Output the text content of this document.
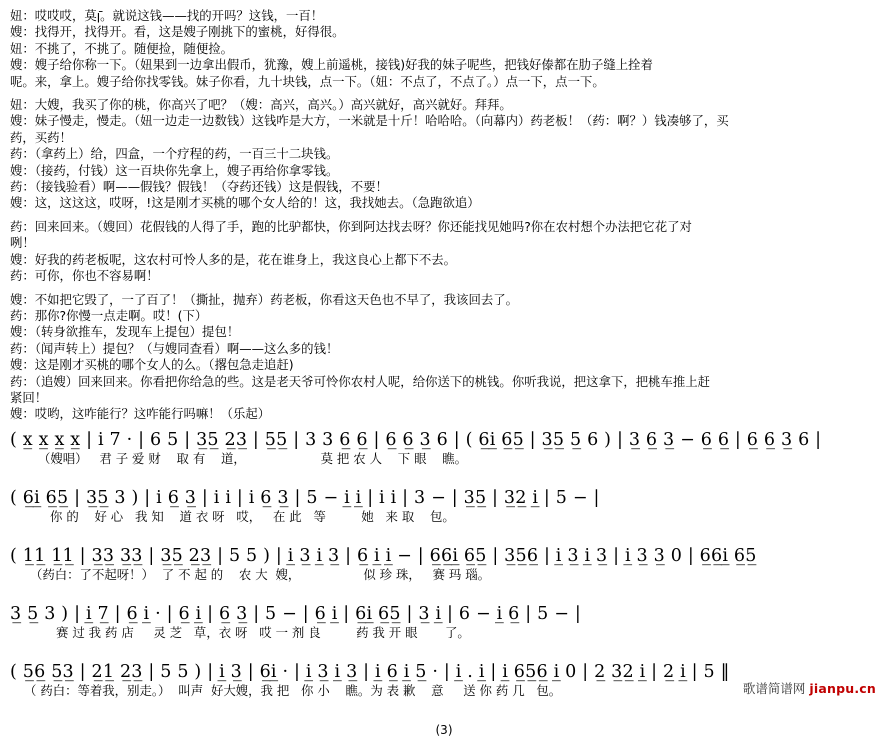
妞：哎哎哎，莫ןֿ。就说这钱——找的开吗？这钱，一百！
嫂：找得开，找得开。看，这是嫂子刚挑下的蜜桃，好得很。
妞：不挑了，不挑了。随便捡，随便捡。
嫂：嫂子给你称一下。（妞果到一边拿出假币，犹豫，嫂上前遥桃，接钱)好我的妹子呢些，把钱好傣都在肋子缝上拴着
呢。来，拿上。嫂子给你找零钱。妹子你看，九十块钱，点一下。（妞：不点了，不点了。）点一下，点一下。
妞：大嫂，我买了你的桃，你高兴了吧？（嫂：高兴，高兴。）高兴就好，高兴就好。拜拜。
嫂：妹子慢走，慢走。（妞一边走一边数钱）这钱咋是大方，一米就是十斤！哈哈哈。（向幕内）药老板！（药：啊？）钱凑够了，买
药，买药！
药：（拿药上）给，四盒，一个疗程的药，一百三十二块钱。
嫂：（接药，付钱）这一百块你先拿上，嫂子再给你拿零钱。
药：（接钱验看）啊——假钱？假钱！（夺药还钱）这是假钱，不要！
嫂：这，这这这，哎呀，!这是刚才买桃的哪个女人给的！这，我找她去。（急跑欲追）
药：回来回来。（嫂回）花假钱的人得了手，跑的比驴都快，你到阿达找去呀？你还能找见她吗?你在农村想个办法把它花了对
咧！
嫂：好我的药老板呢，这农村可怜人多的是，花在谁身上，我这良心上都下不去。
药：可你，你也不容易啊！
嫂：不如把它毁了，一了百了！（撕扯，抛弃）药老板，你看这天色也不早了，我该回去了。
药：那你?你慢一点走啊。哎！(下）
嫂：（转身欲推车，发现车上提包）提包！
药：（闻声转上）提包？（与嫂同查看）啊——这么多的钱！
嫂：这是刚才买桃的哪个女人的么。（撂包急走追赶)
药：（追嫂）回来回来。你看把你给急的些。这是老天爷可怜你农村人呢，给你送下的桃钱。你听我说，把这拿下，把桃车推上赶
紧回！
嫂：哎哟，这咋能行？这咋能行吗嘛！（乐起）
( x̲ x̲ x̲ x̲ | i 7 · | 6 5 | 3̲5̲ 2̲3̲ | 5̲5̲ | 3 3 6̲ 6̲ | 6̲ 6̲ 3̲ 6 | ( 6̲i̲ 6̲5̲ | 3̲5̲ 5̲ 6 ) | 3̲ 6̲ 3̲ − 6̲ 6̲ | 6̲ 6̲ 3̲ 6 |
（嫂唱）   君 子 爱 财    取 有    道，                   莫 把 农 人    下 眼    瞧。
( 6̲i̲ 6̲5̲ | 3̲5̲ 3 ) | i 6̲ 3̲ | i i | i 6̲ 3̲ | 5 − i̲ i̲ | i i | 3 − | 3̲5̲ | 3̲2̲ i̲ | 5 − |
你 的    好 心   我 知    道 衣 呀   哎，   在 此   等         她   来 取    包。
( 1̲1̲ 1̲1̲ | 3̲3̲ 3̲3̲ | 3̲5̲ 2̲3̲ | 5 5 ) | i̲ 3̲ i̲ 3̲ | 6̲ i̲ i̲ − | 6̲6̲i̲ 6̲5̲ | 3̲5̲6̲ | i̲ 3̲ i̲ 3̲ | i̲ 3̲ 3̲ 0 | 6̲6̲i̲ 6̲5̲
（药白：了不起呀！）  了 不 起 的    农 大  嫂，                似 珍 珠，   赛 玛 瑙。
3̲ 5̲ 3 ) | i̲ 7̲ | 6̲ i̲ · | 6̲ i̲ | 6̲ 3̲ | 5 − | 6̲ i̲ | 6̲i̲ 6̲5̲ | 3̲ i̲ | 6 − i̲ 6̲ | 5 − |
赛 过 我 药 店     灵 芝   草，衣 呀   哎 一 剂 良         药 我 开 眼       了。
( 5̲6̲ 5̲3̲ | 2̲1̲ 2̲3̲ | 5 5 ) | i̲ 3̲ | 6̲i̲ · | i̲ 3̲ i̲ 3̲ | i̲ 6̲ i̲ 5̲ · | i̲ . i̲ | i̲ 6̲5̲6̲ i̲ 0 | 2̲ 3̲2̲ i̲ | 2̲ i̲ | 5 ‖
（ 药白：等着我，别走。）  叫声  好大嫂，我 把   你 小    瞧。为 表 歉    意     送 你 药 几   包。
(3)
歌谱简谱网 jianpu.cn
